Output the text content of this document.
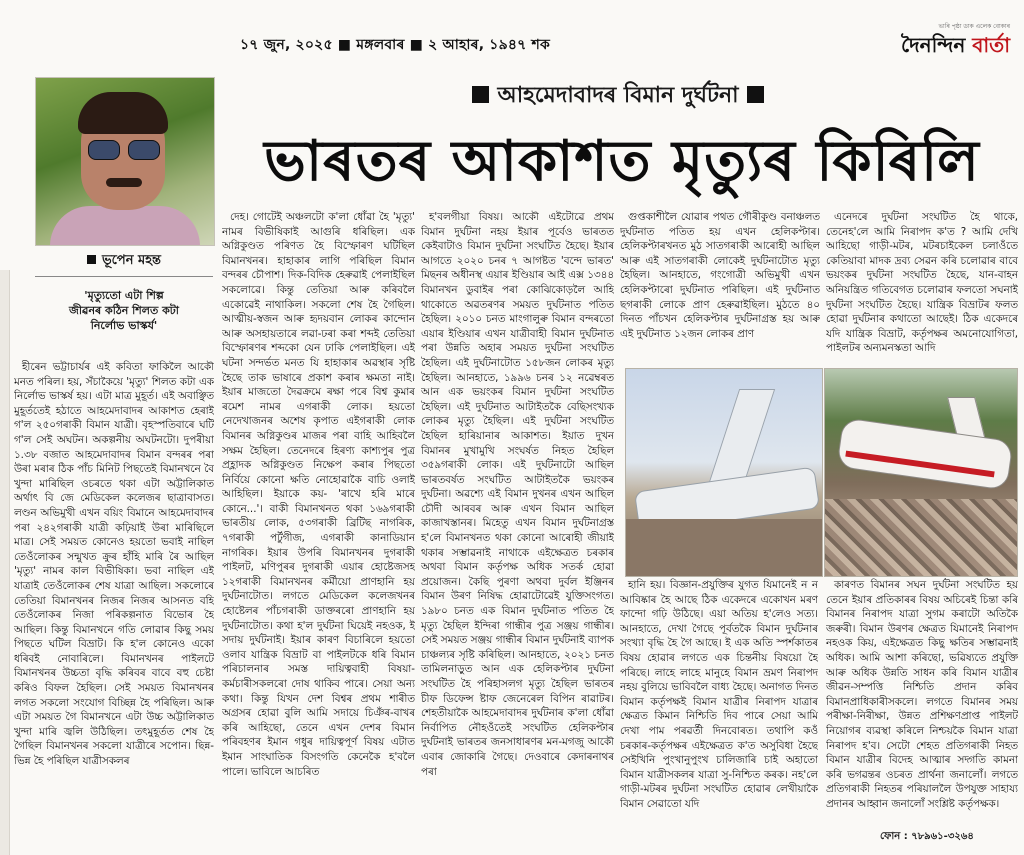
১৭ জুন, ২০২৫ ■ মঙ্গলবাৰ ■ ২ আহাৰ, ১৯৪৭ শক
ভাৰি পৃষ্ঠা ডাক এলেক বোকাৰ
দৈনন্দিন বাৰ্তা
আহমেদাবাদৰ বিমান দুৰ্ঘটনা
ভাৰতৰ আকাশত মৃত্যুৰ কিৰিলি
ভূপেন মহন্ত
'মৃত্যুতো এটা শিল্প
জীৱনৰ কঠিন শিলত কটা
নিৰ্লোভ ভাস্কৰ্য'

হীৰেন ভট্টাচাৰ্যৰ এই কবিতা ফাকিলৈ আকৌ মনত পৰিল। হয়, সঁচাকৈয়ে 'মৃত্যু' শিলত কটা এক নিৰ্লোভ ভাস্কৰ্ষ হয়। এটা মাত্ৰ মুহূৰ্ত। এই অবাঞ্ছিত মুহূৰ্ততেই হঠাতে আহমেদাবাদৰ আকাশত হেৰাই গ'ল ২৫০গৰাকী বিমান যাত্ৰী। বৃহস্পতিবাৰে ঘটি গ'ল সেই অঘটন। অকল্পনীয় অঘটনটো। দুপৰীয়া ১.৩৮ বজাত আহমেদাবাদৰ বিমান বন্দৰৰ পৰা উৰা মৰাৰ ঠিক পাঁচ মিনিট পিছতেই বিমানখনে বৈ খুন্দা মাৰিছিল ওচৰতে থকা এটা অট্টালিকাত অৰ্থাৎ বি জে মেডিকেল কলেজৰ ছাত্ৰাবাসত। লণ্ডন অভিমুখী এখন বয়িং বিমানে আহমেদাবাদৰ পৰা ২৪২গৰাকী যাত্ৰী কঢ়িয়াই উৰা মাৰিছিলে মাত্ৰ। সেই সময়ত কোনেও হয়তো ভবাই নাছিল তেওঁলোকৰ সন্মুখত ক্ৰুৰ হাঁহি মাৰি ৰৈ আছিল 'মৃত্যু' নামৰ কাল বিভীষিকা। ভবা নাছিল এই যাত্ৰাই তেওঁলোকৰ শেষ যাত্ৰা আছিল। সকলোৰে তেতিয়া বিমানখনৰ নিজৰ নিজৰ আসনত বহি তেওঁলোকৰ নিজা পৰিকল্পনাত বিভোৰ হৈ আছিল। কিন্তু বিমানখনে গতি লোৱাৰ কিছু সময় পিছতে ঘটিল বিভ্ৰাট। কি হ'ল কোনেও একো ধৰিবই নোবাৰিলে। বিমানখনৰ পাইলটে বিমানখনৰ উচ্চতা বৃদ্ধি কৰিবৰ বাবে বহু চেষ্টা কৰিও বিফল হৈছিল। সেই সময়ত বিমানখনৰ লগত সকলো সংযোগ বিচ্ছিন্ন হৈ পৰিছিল। আৰু এটা সময়ত গৈ বিমানখনে এটা উচ্চ অট্টালিকাত খুন্দা মাৰি জ্বলি উঠিছিল। তৎমুহূৰ্তত শেষ হৈ গৈছিল বিমানখনৰ সকলো যাত্ৰীৰে সপোন। ছিন্ন-ভিন্ন হৈ পৰিছিল যাত্ৰীসকলৰ

দেহ। গোটেই অঞ্চলটো ক'লা ধোঁৱা হৈ 'মৃত্যু' নামৰ বিভীষিকাই আগুৰি ধৰিছিল। এক অগ্নিকুণ্ডত পৰিণত হৈ বিস্ফোৰণ ঘটিছিল বিমানখনৰ। হাহাকাৰ লাগি পৰিছিল বিমান বন্দৰৰ চৌপাশ। দিক-বিদিক হেৰুৱাই পেলাইছিল সকলোৱে। কিন্তু তেতিয়া আৰু কৰিবলৈ একোৱেই নাথাকিল। সকলো শেষ হৈ গৈছিল। আত্মীয়-স্বজন আৰু হৃদয়বান লোকৰ কান্দোন আৰু অসহায়তাৰে লৱা-ঢৰা কৰা শব্দই তেতিয়া বিস্ফোৰণৰ শব্দকো যেন ঢাকি পেলাইছিল। এই ঘটনা সন্দৰ্ভত মনত যি হাহাকাৰ অৱস্থাৰ সৃষ্টি হৈছে তাক ভাষাৰে প্ৰকাশ কৰাৰ ক্ষমতা নাই। ইয়াৰ মাজতো দৈৱক্ৰমে ৰক্ষা পৰে বিশ্ব কুমাৰ ৰমেশ নামৰ এগৰাকী লোক। হয়তো নেদেখাজনৰ অশেষ কৃপাত এইগৰাকী লোক বিমানৰ অগ্নিকুণ্ডৰ মাজৰ পৰা বাহি আহিবলৈ সক্ষম হৈছিল। তেনেদৰে হিৰণ্য কাশ্যপুৰ পুত্ৰ প্ৰহ্লাদক অগ্নিকুণ্ডত নিক্ষেপ কৰাৰ পিছতো নিৰ্বিয়ে কোনো ক্ষতি নোহোৱাকৈ বাচি ওলাই আহিছিল। ইয়াকে কয়- 'ৰাখে হৰি মাৰে কোনে...'। বাকী বিমানখনত থকা ১৬৯গৰাকী ভাৰতীয় লোক, ৫৩গৰাকী ব্ৰিটিছ নাগৰিক, ৭গৰাকী পৰ্টুগীজ, এগৰাকী কানাডিয়ান নাগৰিক। ইয়াৰ উপৰি বিমানখনৰ দুগৰাকী পাইলট, মণিপুৰৰ দুগৰাকী এয়াৰ হোষ্টেজসহ ১২গৰাকী বিমানখনৰ কৰ্মীয়ো প্ৰাণহানি হয় দুৰ্ঘটনাটোত। লগতে মেডিকেল কলেজখনৰ হোষ্টেলৰ পাঁচগৰাকী ডাক্তৰৰো প্ৰাণহানি হয় দুৰ্ঘটনাটোত। কথা হ'ল দুৰ্ঘটনা ঘিয়েই নহওক, ই সদায় দুৰ্ঘটনাই। ইয়াৰ কাৰণ বিচাৰিলে হয়তো ওলাব যান্ত্ৰিক বিভ্ৰাট বা পাইলটকে ধৰি বিমান পৰিচালনাৰ সমস্ত দায়িত্ববাহী বিষয়া-কৰ্মচাৰীসকলৰো দোষ থাকিব পাৰে। সেয়া অন্য কথা। কিন্তু যিখন দেশ বিশ্বৰ প্ৰথম শাৰীত অগ্ৰসৰ হোৱা বুলি আমি সদায়ে চিঞঁৰ-বাখৰ কৰি আহিছো, তেনে এখন দেশৰ বিমান পৰিবহণৰ ইমান গধুৰ দায়িত্বপূৰ্ণ বিষয় এটাত ইমান সাংঘাতিক বিসংগতি কেনেকৈ হ'বলৈ পালে। ভাবিলে আচৰিত

হ'বলগীয়া বিষয়। আকৌ এইটোৱে প্ৰথম বিমান দুৰ্ঘটনা নহয় ইয়াৰ পূৰ্বেও ভাৰতত কেইবাটাও বিমান দুৰ্ঘটনা সংঘটিত হৈছে। ইয়াৰ আগতে ২০২০ চনৰ ৭ আগষ্টত 'বন্দে ভাৰত' মিছনৰ অধীনস্থ এয়াৰ ইণ্ডিয়াৰ আই এক্স ১৩৪৪ বিমানখন ডুবাইৰ পৰা কোঝিকোড়লৈ আহি থাকোতে অৱতৰণৰ সময়ত দুৰ্ঘটনাত পতিত হৈছিল। ২০১০ চনত মাংগালুৰু বিমান বন্দৰতো এয়াৰ ইণ্ডিয়াৰ এখন যাত্ৰীবাহী বিমান দুৰ্ঘটনাত পৰা উন্নতি অহাৰ সময়ত দুৰ্ঘটনা সংঘটিত হৈছিল। এই দুৰ্ঘটনাটোত ১৫৮জন লোকৰ মৃত্যু হৈছিল। আনহাতে, ১৯৯৬ চনৰ ১২ নৱেম্বৰত আন এক ভয়ংকৰ বিমান দুৰ্ঘটনা সংঘটিত হৈছিল। এই দুৰ্ঘটনাত আটাইতকৈ বেছিসংখ্যক লোকৰ মৃত্যু হৈছিল। এই দুৰ্ঘটনা সংঘটিত হৈছিল হাৰিয়ানাৰ আকাশত। ইয়াত দুখন বিমানৰ মুখামুখি সংঘৰ্ষত নিহত হৈছিল ৩৫৯গৰাকী লোক। এই দুৰ্ঘটনাটো আছিল ভাৰতবৰ্ষত সংঘটিত আটাইতকৈ ভয়ংকৰ দুৰ্ঘটনা। অৱশ্যে এই বিমান দুখনৰ এখন আছিল চৌদী আৰবৰ আৰু এখন বিমান আছিল কাজাখস্তানৰ। মিহেতু এখন বিমান দুৰ্ঘটনাগ্ৰস্ত হ'লে বিমানখনত থকা কোনো আৰোহী জীয়াই থকাৰ সম্ভাৱনাই নাথাকে এইক্ষেত্ৰত চৰকাৰ অথবা বিমান কৰ্তৃপক্ষ অধিক সতৰ্ক হোৱা প্ৰয়োজন। কৈছি পুৰণা অথবা দুৰ্বল ইঞ্জিনৰ বিমান উৰণ নিষিদ্ধ হোৱাটোৱেই যুক্তিসংগত। ১৯৮০ চনত এক বিমান দুৰ্ঘটনাত পতিত হৈ মৃত্যু হৈছিল ইন্দিৰা গান্ধীৰ পুত্ৰ সঞ্জয় গান্ধীৰ। সেই সময়ত সঞ্জয় গান্ধীৰ বিমান দুৰ্ঘটনাই ব্যাপক চাঞ্চল্যৰ সৃষ্টি কৰিছিল। আনহাতে, ২০২১ চনত তামিলনাড়ুত আন এক হেলিকপ্টাৰ দুৰ্ঘটনা সংঘটিত হৈ পৰিহাসলগ মৃত্যু হৈছিল ভাৰতৰ চীফ ডিফেন্স ষ্টাফ জেনেৰেল বিপিন ৰাৱাটৰ। শেহতীয়াকৈ আহমেদাবাদৰ দুৰ্ঘটনাৰ ক'লা ধোঁৱা নিৰ্বাপিত নৌহওঁতেই সংঘটিত হেলিকপ্টাৰ দুৰ্ঘটনাই ভাৰতৰ জনসাধাৰণৰ মন-মগজু আকৌ এবাৰ জোকাৰি গৈছে। দেওবাৰে কেদাৰনাথৰ পৰা

গুপ্তকাশীলৈ যোৱাৰ পথত গৌৰীকুণ্ড বনাঞ্চলত দুৰ্ঘটনাত পতিত হয় এখন হেলিকপ্টাৰ। হেলিকপ্টাৰখনত মুঠ সাতগৰাকী আৰোহী আছিল আৰু এই সাতগৰাকী লোকেই দুৰ্ঘটনাটোত মৃত্যু হৈছিল। আনহাতে, গংগোত্ৰী অভিমুখী এখন হেলিকপ্টাৰো দুৰ্ঘটনাত পৰিছিল। এই দুৰ্ঘটনাত ছগৰাকী লোকে প্ৰাণ হেৰুৱাইছিল। মুঠতে ৪০ দিনত পাঁচখন হেলিকপ্টাৰ দুৰ্ঘটনাগ্ৰস্ত হয় আৰু এই দুৰ্ঘটনাত ১২জন লোকৰ প্ৰাণ

এনেদৰে দুৰ্ঘটনা সংঘটিত হৈ থাকে, তেনেহ'লে আমি নিৰাপদ ক'ত ? আমি দেখি আহিছো গাড়ী-মটৰ, মটৰচাইকেল চলাওঁতে কেতিয়াবা মাদক দ্ৰব্য সেৱন কৰি চলোৱাৰ বাবে ভয়ংকৰ দুৰ্ঘটনা সংঘটিত হৈছে, যান-বাহন অনিয়ন্ত্ৰিত গতিবেগত চলোৱাৰ ফলতো সঘনাই দুৰ্ঘটনা সংঘটিত হৈছে। যান্ত্ৰিক বিভ্ৰাটৰ ফলত হোৱা দুৰ্ঘটনাৰ কথাতো আছেই। ঠিক একেদৰে যদি যান্ত্ৰিক বিভ্ৰাট, কৰ্তৃপক্ষৰ অমনোযোগিতা, পাইলটৰ অন্যমনস্কতা আদি

হানি হয়। বিজ্ঞান-প্ৰযুক্তিৰ যুগত যিমানেই ন ন আবিষ্কাৰ হৈ আছে ঠিক একেদৰে একোখন মৰণ ফান্দো গঢ়ি উঠিছে। এয়া অতিয় হ'লেও সত্য। আনহাতে, দেখা গৈছে পূৰ্বতকৈ বিমান দুৰ্ঘটনাৰ সংখ্যা বৃদ্ধি হৈ গৈ আছে। ই এক অতি স্পৰ্শকাতৰ বিষয় হোৱাৰ লগতে এক চিন্তনীয় বিষয়ো হৈ পৰিছে। লাহে লাহে মানুহে বিমান ভ্ৰমণ নিৰাপদ নহয় বুলিয়ে ভাবিবলৈ বাধ্য হৈছে। অনাগত দিনত বিমান কৰ্তৃপক্ষই বিমান যাত্ৰীৰ নিৰাপদ যাত্ৰাৰ ক্ষেত্ৰত কিমান নিশ্চিতি দিব পাৰে সেয়া আমি দেখা পাম পৰৱৰ্তী দিনবোৰত। তথাপি কওঁ চৰকাৰ-কৰ্তৃপক্ষৰ এইক্ষেত্ৰত ক'ত অসুবিধা হৈছে সেইখিনি পুংখানুপুংখ চালিজাৰি চাই অহাতো বিমান যাত্ৰীসকলৰ যাত্ৰা সু-নিশ্চিত কৰক। নহ'লে গাড়ী-মটৰৰ দুৰ্ঘটনা সংঘটিত হোৱাৰ লেখীয়াকৈ বিমান সেৱাতো যদি

কাৰণত বিমানৰ সঘন দুৰ্ঘটনা সংঘটিত হয় তেনে ইয়াৰ প্ৰতিকাৰৰ বিষয় অচিৰেই চিন্তা কৰি বিমানৰ নিৰাপদ যাত্ৰা সুগম কৰাটো অতিকৈ জৰুৰী। বিমান উৰণৰ ক্ষেত্ৰত যিমানেই নিৰাপদ নহওক কিয়, এইক্ষেত্ৰত কিছু ক্ষতিৰ সম্ভাৱনাই অধিক। আমি আশা কৰিছো, ভৱিষ্যতে প্ৰযুক্তি আৰু অধিক উন্নতি সাধন কৰি বিমান যাত্ৰীৰ জীৱন-সম্পত্তি নিশ্চিতি প্ৰদান কৰিব বিমানপ্ৰাধিকাৰীসকলে। লগতে বিমানৰ সময় পৰীক্ষা-নিৰীক্ষা, উন্নত প্ৰশিক্ষণপ্ৰাপ্ত পাইলট নিয়োগৰ ব্যৱস্থা কৰিলে নিশ্চয়কৈ বিমান যাত্ৰা নিৰাপদ হ'ব। সেটো শেহত প্ৰতিগৰাকী নিহত বিমান যাত্ৰীৰ বিদেহ আত্মাৰ সদ্গতি কামনা কৰি ভগৱন্তৰ ওচৰত প্ৰাৰ্থনা জনালোঁ। লগতে প্ৰতিগৰাকী নিহতৰ পৰিয়াললৈ উপযুক্ত সাহায্য প্ৰদানৰ আহ্বান জনালোঁ সংশ্লিষ্ট কৰ্তৃপক্ষক।

ফোন : ৭৮৯৬১-৩২৬৪
